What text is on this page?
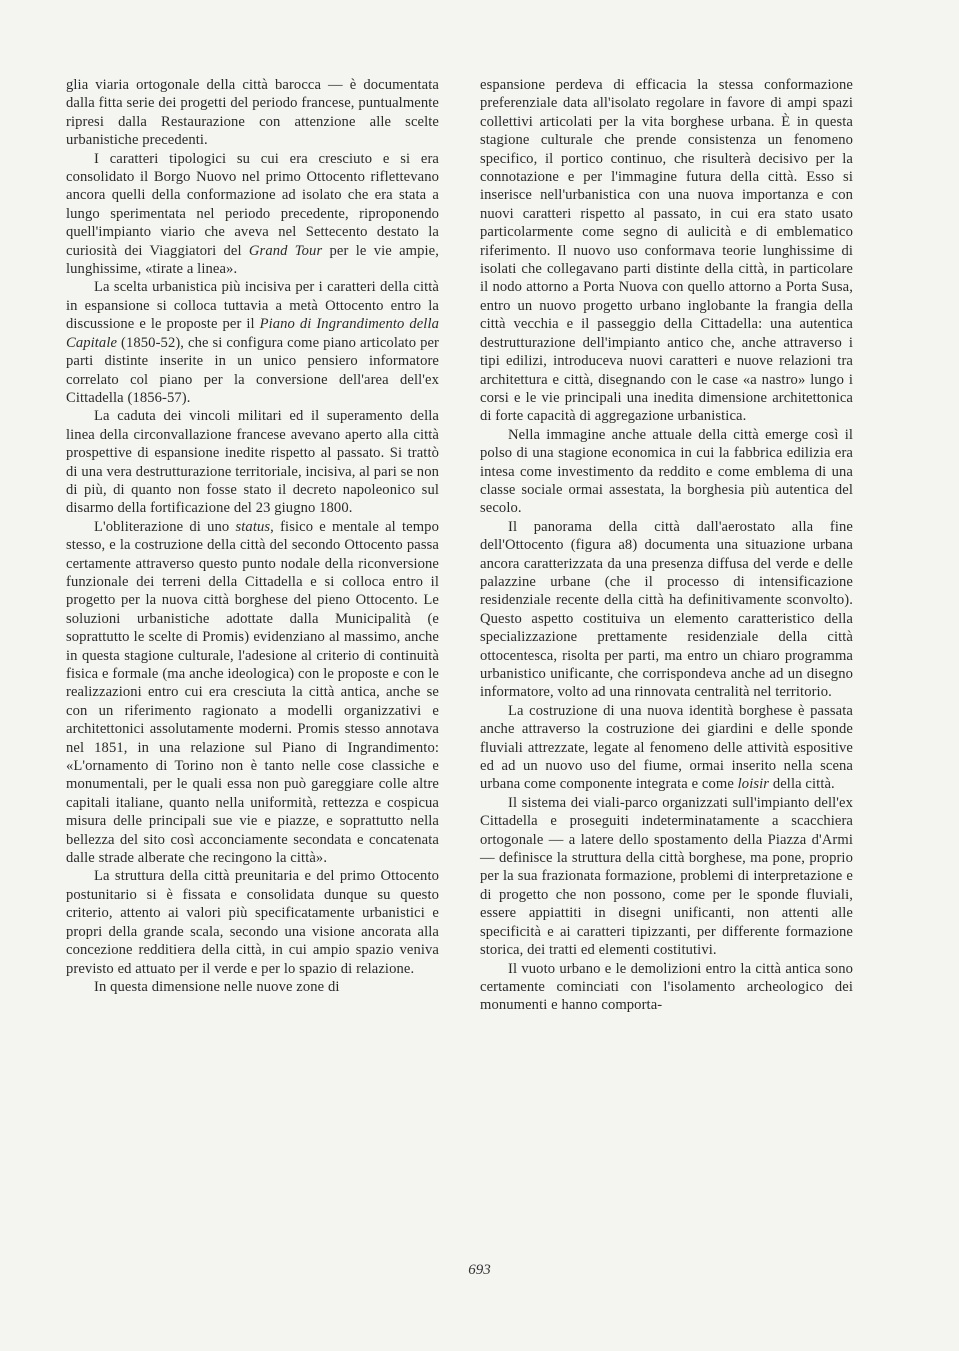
glia viaria ortogonale della città barocca — è documentata dalla fitta serie dei progetti del periodo francese, puntualmente ripresi dalla Restaurazione con attenzione alle scelte urbanistiche precedenti.

I caratteri tipologici su cui era cresciuto e si era consolidato il Borgo Nuovo nel primo Ottocento riflettevano ancora quelli della conformazione ad isolato che era stata a lungo sperimentata nel periodo precedente, riproponendo quell'impianto viario che aveva nel Settecento destato la curiosità dei Viaggiatori del Grand Tour per le vie ampie, lunghissime, «tirate a linea».

La scelta urbanistica più incisiva per i caratteri della città in espansione si colloca tuttavia a metà Ottocento entro la discussione e le proposte per il Piano di Ingrandimento della Capitale (1850-52), che si configura come piano articolato per parti distinte inserite in un unico pensiero informatore correlato col piano per la conversione dell'area dell'ex Cittadella (1856-57).

La caduta dei vincoli militari ed il superamento della linea della circonvallazione francese avevano aperto alla città prospettive di espansione inedite rispetto al passato. Si trattò di una vera destrutturazione territoriale, incisiva, al pari se non di più, di quanto non fosse stato il decreto napoleonico sul disarmo della fortificazione del 23 giugno 1800.

L'obliterazione di uno status, fisico e mentale al tempo stesso, e la costruzione della città del secondo Ottocento passa certamente attraverso questo punto nodale della riconversione funzionale dei terreni della Cittadella e si colloca entro il progetto per la nuova città borghese del pieno Ottocento. Le soluzioni urbanistiche adottate dalla Municipalità (e soprattutto le scelte di Promis) evidenziano al massimo, anche in questa stagione culturale, l'adesione al criterio di continuità fisica e formale (ma anche ideologica) con le proposte e con le realizzazioni entro cui era cresciuta la città antica, anche se con un riferimento ragionato a modelli organizzativi e architettonici assolutamente moderni. Promis stesso annotava nel 1851, in una relazione sul Piano di Ingrandimento: «L'ornamento di Torino non è tanto nelle cose classiche e monumentali, per le quali essa non può gareggiare colle altre capitali italiane, quanto nella uniformità, rettezza e cospicua misura delle principali sue vie e piazze, e soprattutto nella bellezza del sito così acconciamente secondata e concatenata dalle strade alberate che recingono la città».

La struttura della città preunitaria e del primo Ottocento postunitario si è fissata e consolidata dunque su questo criterio, attento ai valori più specificatamente urbanistici e propri della grande scala, secondo una visione ancorata alla concezione redditiera della città, in cui ampio spazio veniva previsto ed attuato per il verde e per lo spazio di relazione.

In questa dimensione nelle nuove zone di

espansione perdeva di efficacia la stessa conformazione preferenziale data all'isolato regolare in favore di ampi spazi collettivi articolati per la vita borghese urbana. È in questa stagione culturale che prende consistenza un fenomeno specifico, il portico continuo, che risulterà decisivo per la connotazione e per l'immagine futura della città. Esso si inserisce nell'urbanistica con una nuova importanza e con nuovi caratteri rispetto al passato, in cui era stato usato particolarmente come segno di aulicità e di emblematico riferimento. Il nuovo uso conformava teorie lunghissime di isolati che collegavano parti distinte della città, in particolare il nodo attorno a Porta Nuova con quello attorno a Porta Susa, entro un nuovo progetto urbano inglobante la frangia della città vecchia e il passeggio della Cittadella: una autentica destrutturazione dell'impianto antico che, anche attraverso i tipi edilizi, introduceva nuovi caratteri e nuove relazioni tra architettura e città, disegnando con le case «a nastro» lungo i corsi e le vie principali una inedita dimensione architettonica di forte capacità di aggregazione urbanistica.

Nella immagine anche attuale della città emerge così il polso di una stagione economica in cui la fabbrica edilizia era intesa come investimento da reddito e come emblema di una classe sociale ormai assestata, la borghesia più autentica del secolo.

Il panorama della città dall'aerostato alla fine dell'Ottocento (figura a8) documenta una situazione urbana ancora caratterizzata da una presenza diffusa del verde e delle palazzine urbane (che il processo di intensificazione residenziale recente della città ha definitivamente sconvolto). Questo aspetto costituiva un elemento caratteristico della specializzazione prettamente residenziale della città ottocentesca, risolta per parti, ma entro un chiaro programma urbanistico unificante, che corrispondeva anche ad un disegno informatore, volto ad una rinnovata centralità nel territorio.

La costruzione di una nuova identità borghese è passata anche attraverso la costruzione dei giardini e delle sponde fluviali attrezzate, legate al fenomeno delle attività espositive ed ad un nuovo uso del fiume, ormai inserito nella scena urbana come componente integrata e come loisir della città.

Il sistema dei viali-parco organizzati sull'impianto dell'ex Cittadella e proseguiti indeterminatamente a scacchiera ortogonale — a latere dello spostamento della Piazza d'Armi — definisce la struttura della città borghese, ma pone, proprio per la sua frazionata formazione, problemi di interpretazione e di progetto che non possono, come per le sponde fluviali, essere appiattiti in disegni unificanti, non attenti alle specificità e ai caratteri tipizzanti, per differente formazione storica, dei tratti ed elementi costitutivi.

Il vuoto urbano e le demolizioni entro la città antica sono certamente cominciati con l'isolamento archeologico dei monumenti e hanno comporta-

693
